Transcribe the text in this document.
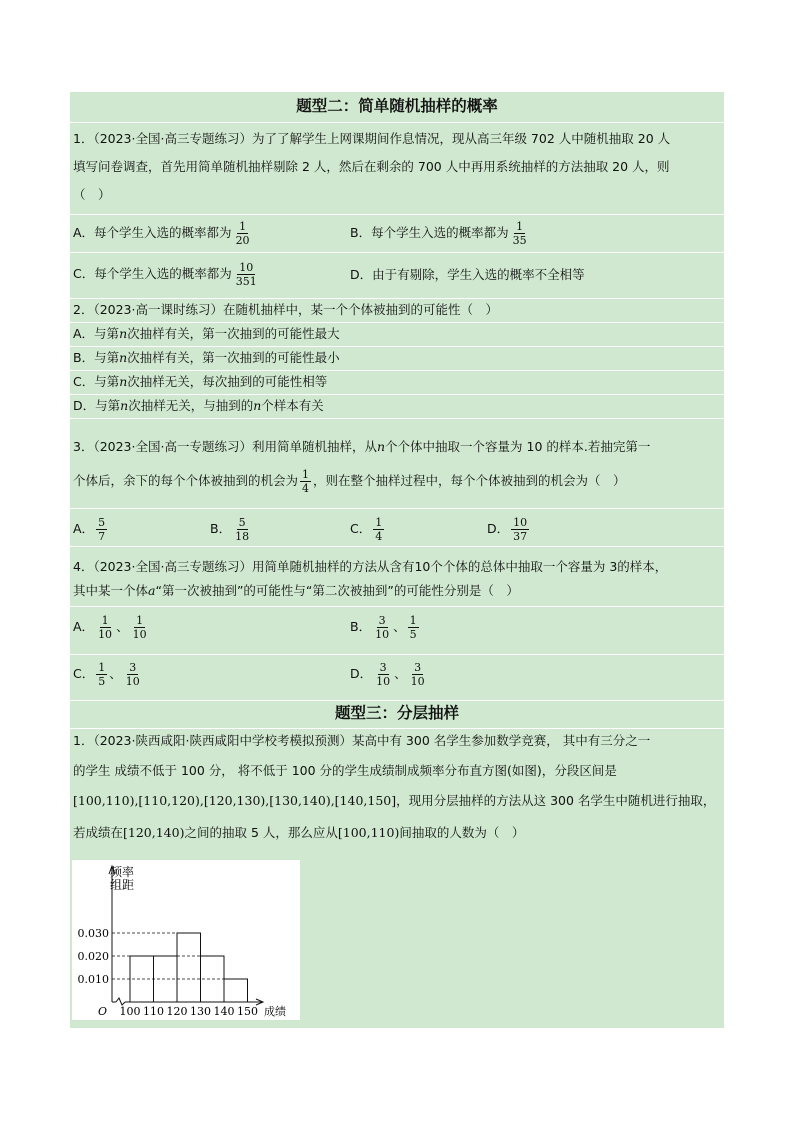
题型二：简单随机抽样的概率
1．（2023·全国·高三专题练习）为了了解学生上网课期间作息情况，现从高三年级 702 人中随机抽取 20 人
填写问卷调查，首先用简单随机抽样剔除 2 人，然后在剩余的 700 人中再用系统抽样的方法抽取 20 人，则
（　）
A．每个学生入选的概率都为 $\frac{1}{20}$	B．每个学生入选的概率都为 $\frac{1}{35}$
C．每个学生入选的概率都为 $\frac{10}{351}$	D．由于有剔除，学生入选的概率不全相等
2．（2023·高一课时练习）在随机抽样中，某一个个体被抽到的可能性（　）
A．与第n次抽样有关，第一次抽到的可能性最大
B．与第n次抽样有关，第一次抽到的可能性最小
C．与第n次抽样无关，每次抽到的可能性相等
D．与第n次抽样无关，与抽到的n个样本有关
3．（2023·全国·高一专题练习）利用简单随机抽样，从n个个体中抽取一个容量为 10 的样本.若抽完第一
个体后，余下的每个个体被抽到的机会为 $\frac{1}{4}$ ，则在整个抽样过程中，每个个体被抽到的机会为（　）
A． $\frac{5}{7}$	B． $\frac{5}{18}$	C． $\frac{1}{4}$	D． $\frac{10}{37}$
4．（2023·全国·高三专题练习）用简单随机抽样的方法从含有10个个体的总体中抽取一个容量为 3的样本，
其中某一个体a“第一次被抽到”的可能性与“第二次被抽到”的可能性分别是（　）
A． $\frac{1}{10}$ 、 $\frac{1}{10}$	B． $\frac{3}{10}$ 、 $\frac{1}{5}$
C． $\frac{1}{5}$ 、 $\frac{3}{10}$	D． $\frac{3}{10}$ 、 $\frac{3}{10}$
题型三：分层抽样
1．（2023·陕西咸阳·陕西咸阳中学校考模拟预测）某高中有 300 名学生参加数学竞赛， 其中有三分之一
的学生 成绩不低于 100 分， 将不低于 100 分的学生成绩制成频率分布直方图(如图)，分段区间是
[100,110),[110,120),[120,130),[130,140),[140,150]，现用分层抽样的方法从这 300 名学生中随机进行抽取，
若成绩在[120,140)之间的抽取 5 人，那么应从[100,110)间抽取的人数为（　）
频率
组距
成绩
O
0.030
0.020
0.010
100 110 120 130 140 150
